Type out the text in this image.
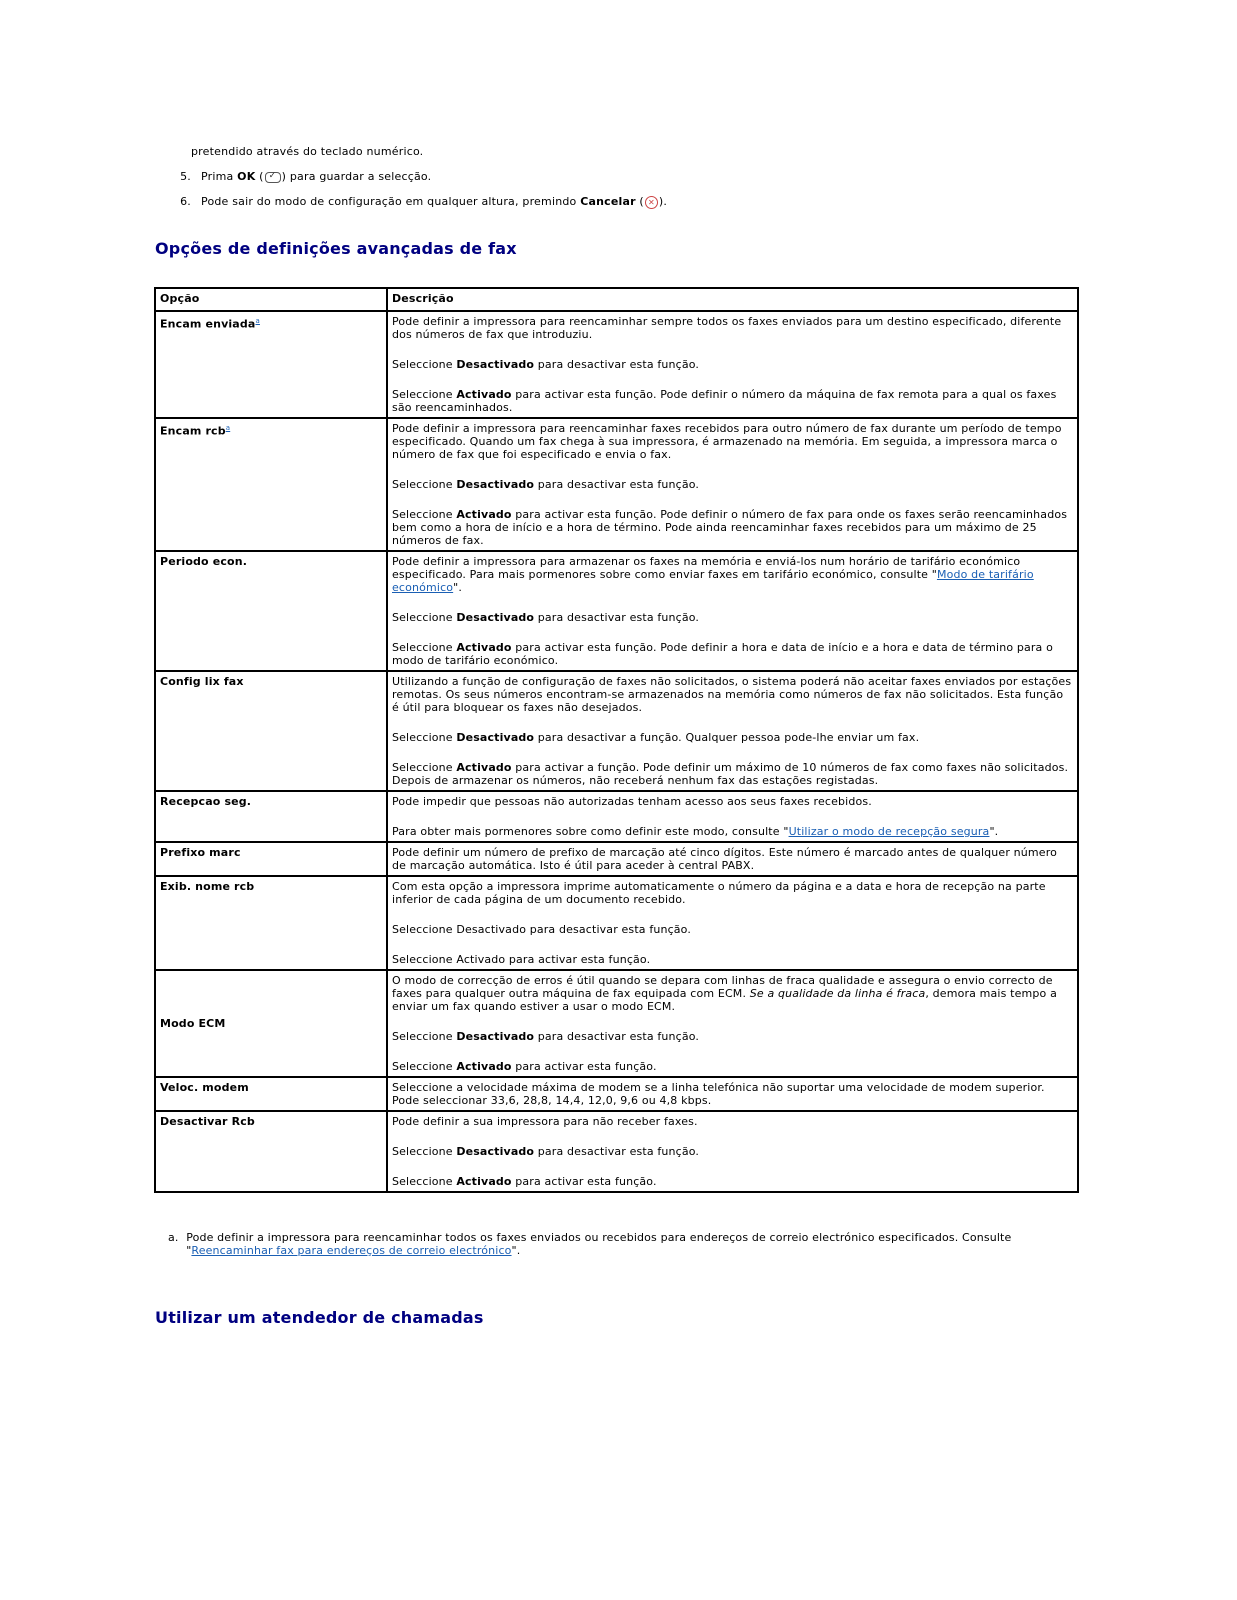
pretendido através do teclado numérico.
5. Prima OK ( ✓ ) para guardar a selecção.
6. Pode sair do modo de configuração em qualquer altura, premindo Cancelar ( ✕ ).
Opções de definições avançadas de fax
Opção	Descrição
Encam enviada$^a$	Pode definir a impressora para reencaminhar sempre todos os faxes enviados para um destino especificado, diferente dos números de fax que introduziu.
Seleccione Desactivado para desactivar esta função.
Seleccione Activado para activar esta função. Pode definir o número da máquina de fax remota para a qual os faxes são reencaminhados.

Encam rcb$^a$	Pode definir a impressora para reencaminhar faxes recebidos para outro número de fax durante um período de tempo especificado. Quando um fax chega à sua impressora, é armazenado na memória. Em seguida, a impressora marca o número de fax que foi especificado e envia o fax.
Seleccione Desactivado para desactivar esta função.
Seleccione Activado para activar esta função. Pode definir o número de fax para onde os faxes serão reencaminhados bem como a hora de início e a hora de término. Pode ainda reencaminhar faxes recebidos para um máximo de 25 números de fax.

Periodo econ.	Pode definir a impressora para armazenar os faxes na memória e enviá-los num horário de tarifário económico especificado. Para mais pormenores sobre como enviar faxes em tarifário económico, consulte "Modo de tarifário económico".
Seleccione Desactivado para desactivar esta função.
Seleccione Activado para activar esta função. Pode definir a hora e data de início e a hora e data de término para o modo de tarifário económico.

Config lix fax	Utilizando a função de configuração de faxes não solicitados, o sistema poderá não aceitar faxes enviados por estações remotas. Os seus números encontram-se armazenados na memória como números de fax não solicitados. Esta função é útil para bloquear os faxes não desejados.
Seleccione Desactivado para desactivar a função. Qualquer pessoa pode-lhe enviar um fax.
Seleccione Activado para activar a função. Pode definir um máximo de 10 números de fax como faxes não solicitados. Depois de armazenar os números, não receberá nenhum fax das estações registadas.

Recepcao seg.	Pode impedir que pessoas não autorizadas tenham acesso aos seus faxes recebidos.
Para obter mais pormenores sobre como definir este modo, consulte "Utilizar o modo de recepção segura".

Prefixo marc	Pode definir um número de prefixo de marcação até cinco dígitos. Este número é marcado antes de qualquer número de marcação automática. Isto é útil para aceder à central PABX.

Exib. nome rcb	Com esta opção a impressora imprime automaticamente o número da página e a data e hora de recepção na parte inferior de cada página de um documento recebido.
Seleccione Desactivado para desactivar esta função.
Seleccione Activado para activar esta função.

Modo ECM	O modo de correcção de erros é útil quando se depara com linhas de fraca qualidade e assegura o envio correcto de faxes para qualquer outra máquina de fax equipada com ECM. Se a qualidade da linha é fraca, demora mais tempo a enviar um fax quando estiver a usar o modo ECM.
Seleccione Desactivado para desactivar esta função.
Seleccione Activado para activar esta função.

Veloc. modem	Seleccione a velocidade máxima de modem se a linha telefónica não suportar uma velocidade de modem superior. Pode seleccionar 33,6, 28,8, 14,4, 12,0, 9,6 ou 4,8 kbps.

Desactivar Rcb	Pode definir a sua impressora para não receber faxes.
Seleccione Desactivado para desactivar esta função.
Seleccione Activado para activar esta função.
a. Pode definir a impressora para reencaminhar todos os faxes enviados ou recebidos para endereços de correio electrónico especificados. Consulte "Reencaminhar fax para endereços de correio electrónico".
Utilizar um atendedor de chamadas
